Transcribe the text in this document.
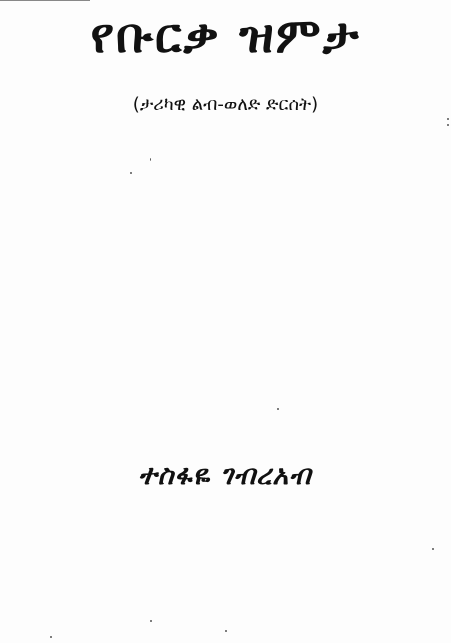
የቡርቃ ዝምታ
(ታሪካዊ ልብ-ወለድ ድርሰት)
ተስፋዬ ገብረአብ
